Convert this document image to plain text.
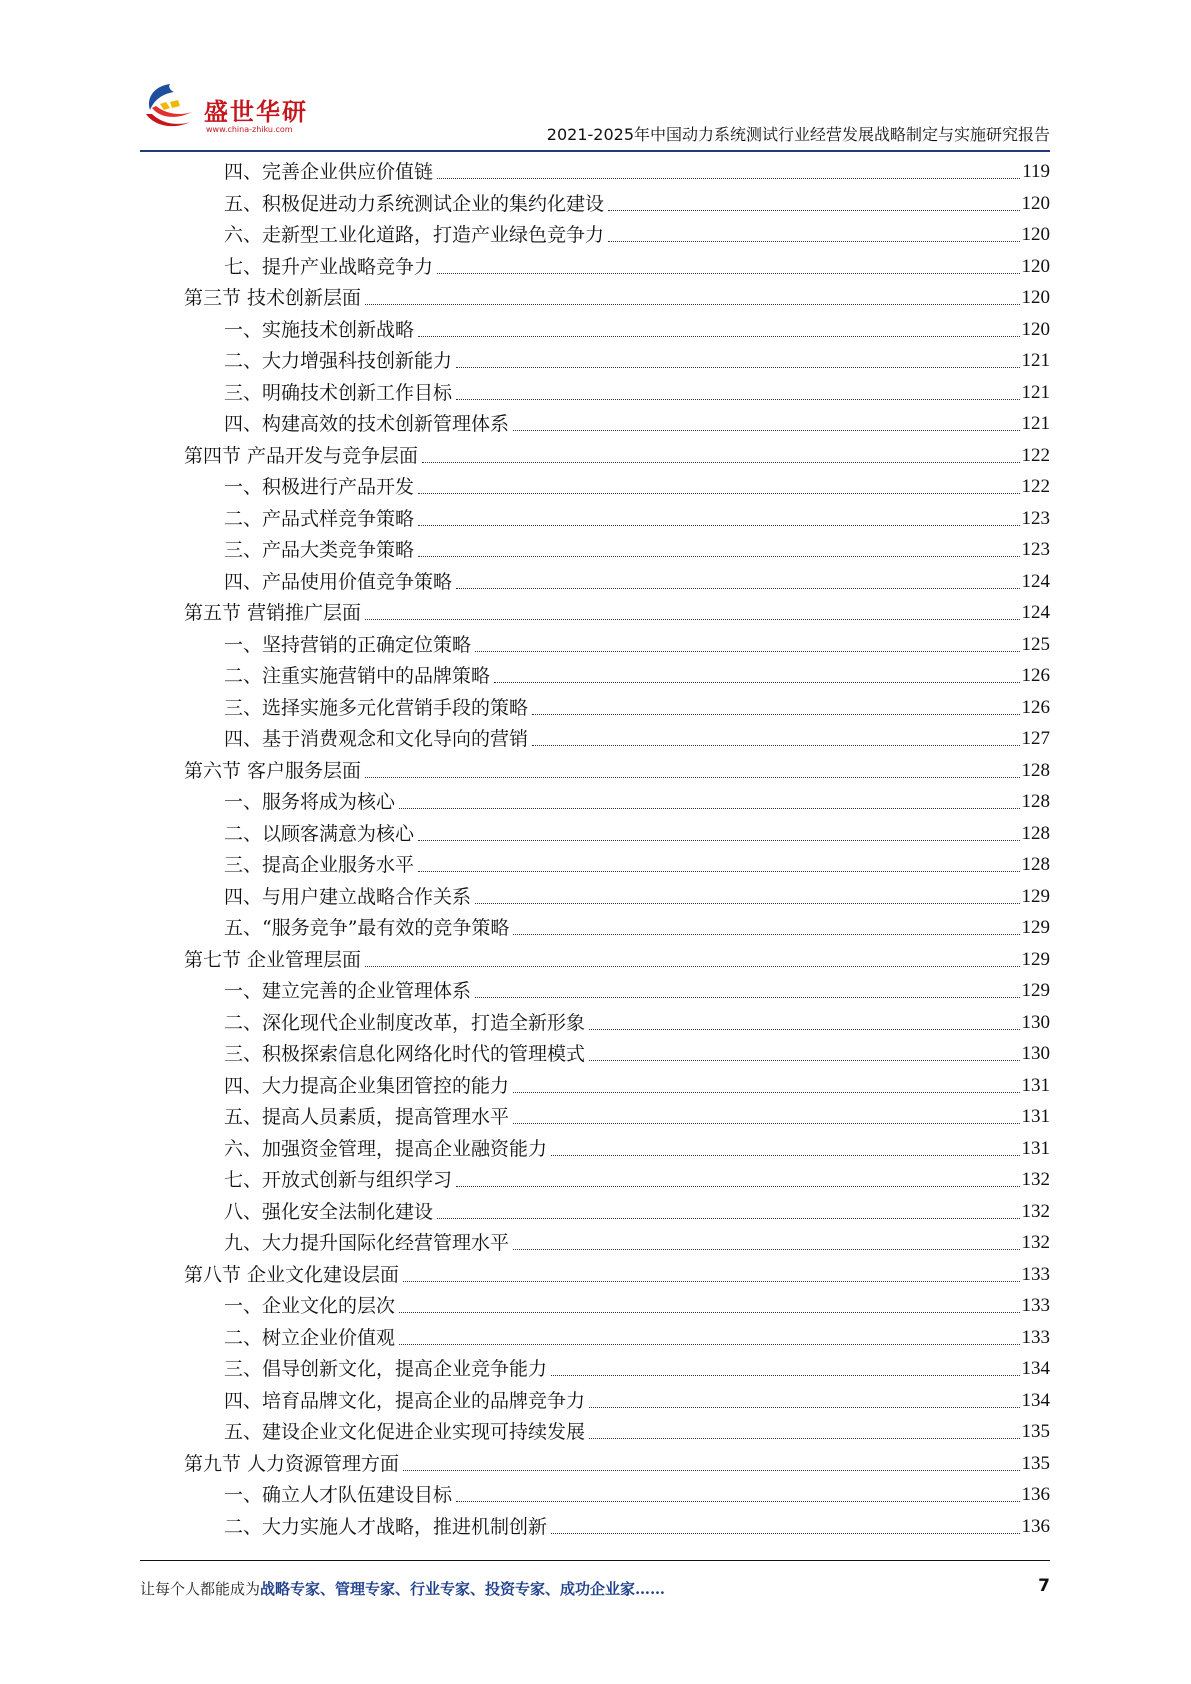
盛世华研
www.china-zhiku.com	2021-2025年中国动力系统测试行业经营发展战略制定与实施研究报告
四、完善企业供应价值链	119
五、积极促进动力系统测试企业的集约化建设	120
六、走新型工业化道路，打造产业绿色竞争力	120
七、提升产业战略竞争力	120
第三节 技术创新层面	120
一、实施技术创新战略	120
二、大力增强科技创新能力	121
三、明确技术创新工作目标	121
四、构建高效的技术创新管理体系	121
第四节 产品开发与竞争层面	122
一、积极进行产品开发	122
二、产品式样竞争策略	123
三、产品大类竞争策略	123
四、产品使用价值竞争策略	124
第五节 营销推广层面	124
一、坚持营销的正确定位策略	125
二、注重实施营销中的品牌策略	126
三、选择实施多元化营销手段的策略	126
四、基于消费观念和文化导向的营销	127
第六节 客户服务层面	128
一、服务将成为核心	128
二、以顾客满意为核心	128
三、提高企业服务水平	128
四、与用户建立战略合作关系	129
五、“服务竞争”最有效的竞争策略	129
第七节 企业管理层面	129
一、建立完善的企业管理体系	129
二、深化现代企业制度改革，打造全新形象	130
三、积极探索信息化网络化时代的管理模式	130
四、大力提高企业集团管控的能力	131
五、提高人员素质，提高管理水平	131
六、加强资金管理，提高企业融资能力	131
七、开放式创新与组织学习	132
八、强化安全法制化建设	132
九、大力提升国际化经营管理水平	132
第八节 企业文化建设层面	133
一、企业文化的层次	133
二、树立企业价值观	133
三、倡导创新文化，提高企业竞争能力	134
四、培育品牌文化，提高企业的品牌竞争力	134
五、建设企业文化促进企业实现可持续发展	135
第九节 人力资源管理方面	135
一、确立人才队伍建设目标	136
二、大力实施人才战略，推进机制创新	136
让每个人都能成为战略专家、管理专家、行业专家、投资专家、成功企业家……	7
